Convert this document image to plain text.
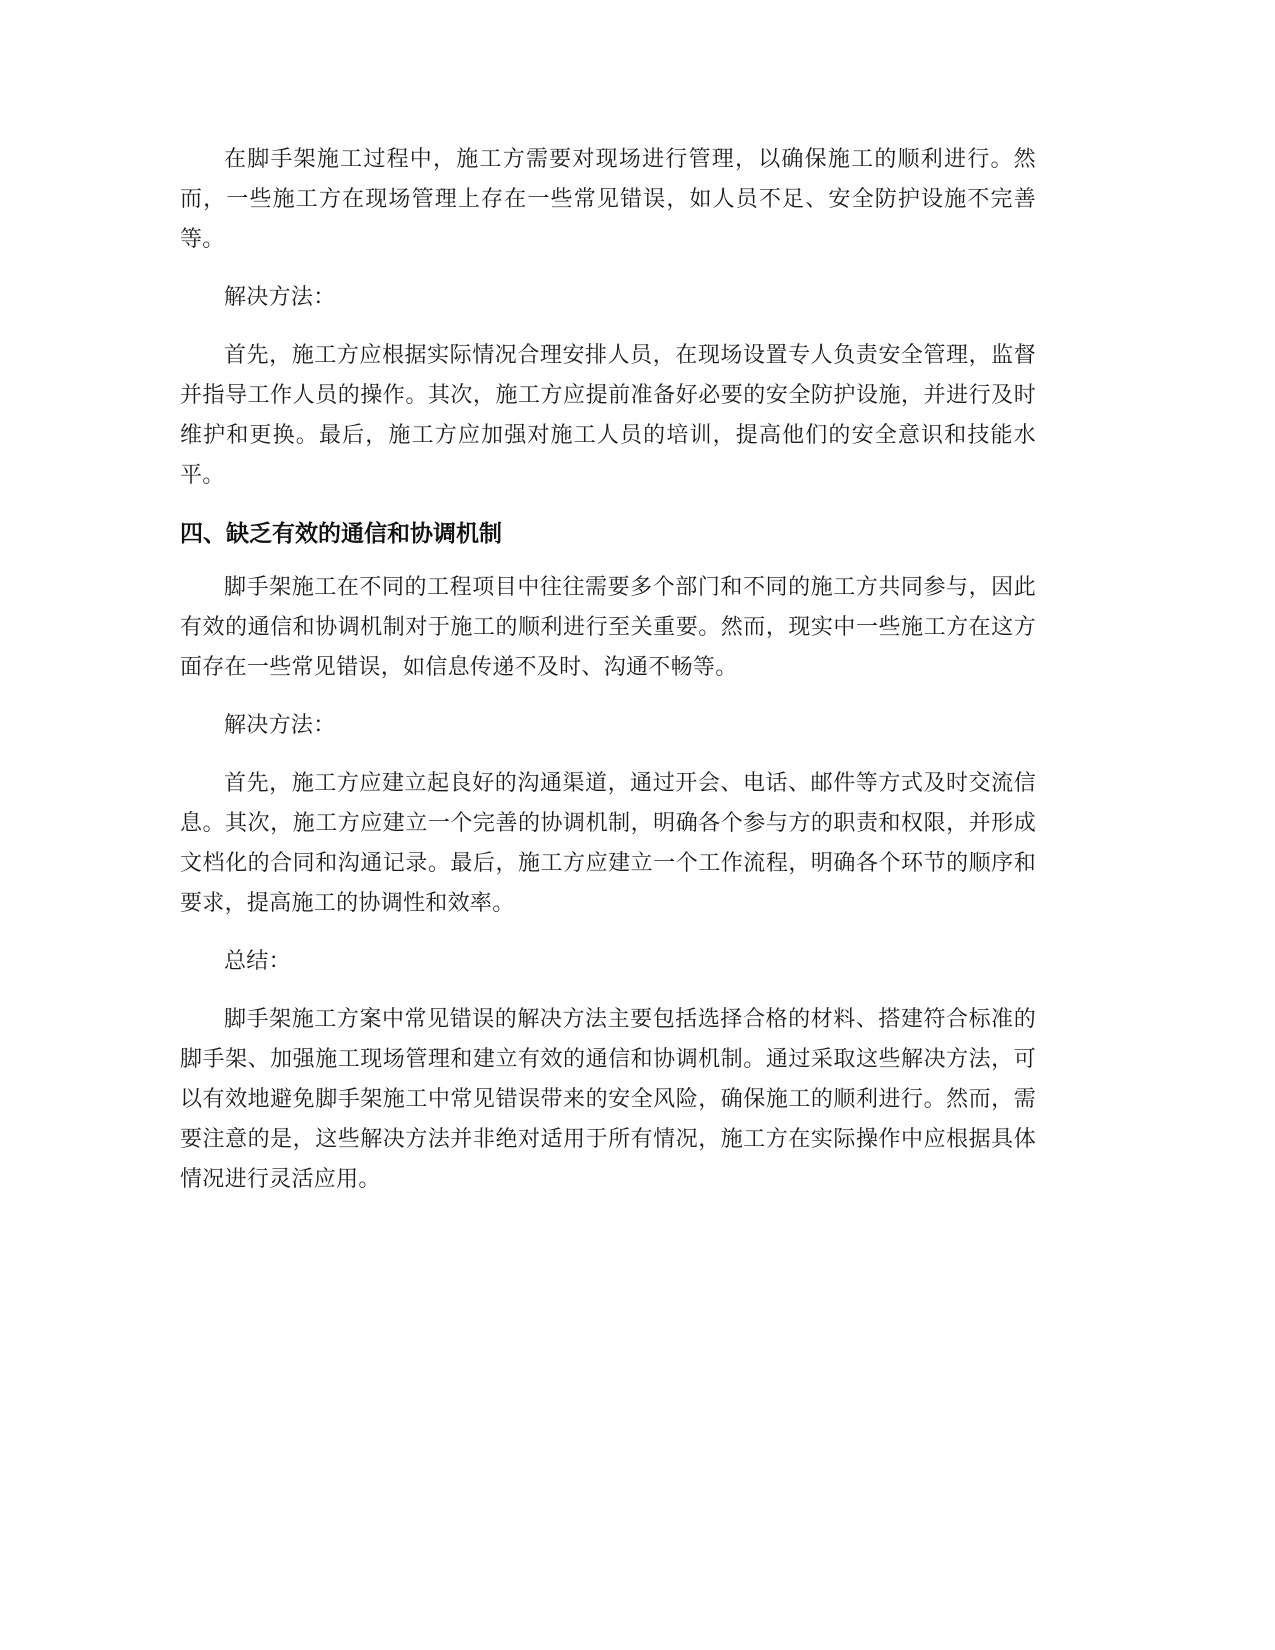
在脚手架施工过程中，施工方需要对现场进行管理，以确保施工的顺利进行。然而，一些施工方在现场管理上存在一些常见错误，如人员不足、安全防护设施不完善等。

解决方法：

首先，施工方应根据实际情况合理安排人员，在现场设置专人负责安全管理，监督并指导工作人员的操作。其次，施工方应提前准备好必要的安全防护设施，并进行及时维护和更换。最后，施工方应加强对施工人员的培训，提高他们的安全意识和技能水平。

四、缺乏有效的通信和协调机制

脚手架施工在不同的工程项目中往往需要多个部门和不同的施工方共同参与，因此有效的通信和协调机制对于施工的顺利进行至关重要。然而，现实中一些施工方在这方面存在一些常见错误，如信息传递不及时、沟通不畅等。

解决方法：

首先，施工方应建立起良好的沟通渠道，通过开会、电话、邮件等方式及时交流信息。其次，施工方应建立一个完善的协调机制，明确各个参与方的职责和权限，并形成文档化的合同和沟通记录。最后，施工方应建立一个工作流程，明确各个环节的顺序和要求，提高施工的协调性和效率。

总结：

脚手架施工方案中常见错误的解决方法主要包括选择合格的材料、搭建符合标准的脚手架、加强施工现场管理和建立有效的通信和协调机制。通过采取这些解决方法，可以有效地避免脚手架施工中常见错误带来的安全风险，确保施工的顺利进行。然而，需要注意的是，这些解决方法并非绝对适用于所有情况，施工方在实际操作中应根据具体情况进行灵活应用。
